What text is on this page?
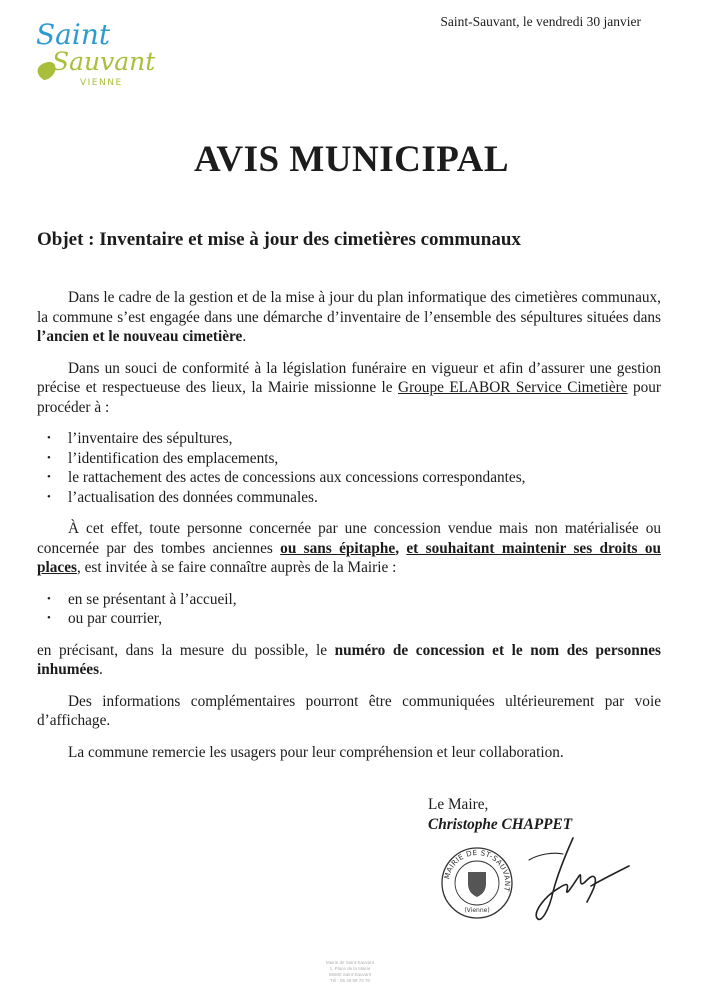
Saint
Sauvant
VIENNE
Saint-Sauvant, le vendredi 30 janvier
AVIS MUNICIPAL
Objet : Inventaire et mise à jour des cimetières communaux

Dans le cadre de la gestion et de la mise à jour du plan informatique des cimetières communaux, la commune s’est engagée dans une démarche d’inventaire de l’ensemble des sépultures situées dans l’ancien et le nouveau cimetière.

Dans un souci de conformité à la législation funéraire en vigueur et afin d’assurer une gestion précise et respectueuse des lieux, la Mairie missionne le Groupe ELABOR Service Cimetière pour procéder à :

• l’inventaire des sépultures,
• l’identification des emplacements,
• le rattachement des actes de concessions aux concessions correspondantes,
• l’actualisation des données communales.

À cet effet, toute personne concernée par une concession vendue mais non matérialisée ou concernée par des tombes anciennes ou sans épitaphe, et souhaitant maintenir ses droits ou places, est invitée à se faire connaître auprès de la Mairie :

• en se présentant à l’accueil,
• ou par courrier,

en précisant, dans la mesure du possible, le numéro de concession et le nom des personnes inhumées.

Des informations complémentaires pourront être communiquées ultérieurement par voie d’affichage.

La commune remercie les usagers pour leur compréhension et leur collaboration.

Le Maire,
Christophe CHAPPET
MAIRIE DE ST-SAUVANT
(Vienne)
Mairie de Saint-Sauvant
1, Place de la Mairie
86600 Saint-Sauvant
Tél : 05 49 59 70 70
